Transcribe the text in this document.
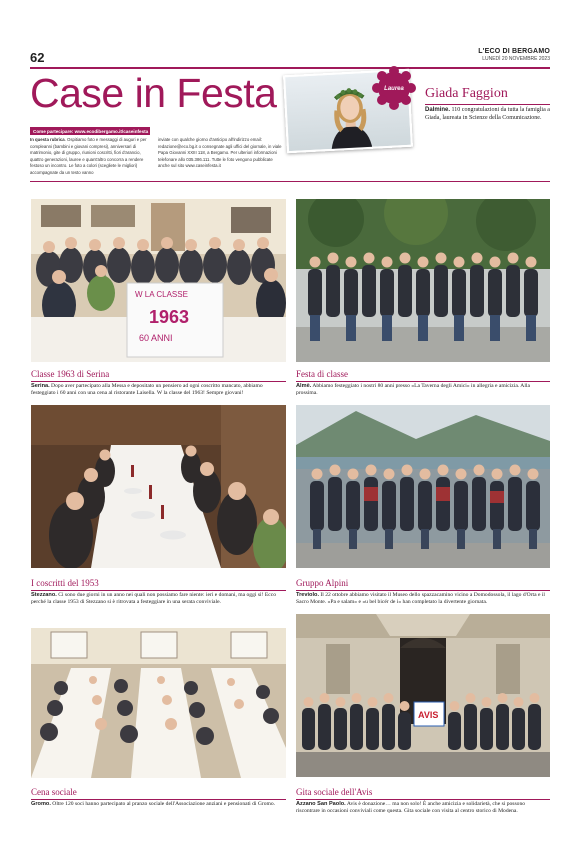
62	L'ECO DI BERGAMO
LUNEDÌ 20 NOVEMBRE 2023
Case in Festa
Come partecipare: www.ecodibergamo.it/caseinfesta
In questa rubrica. Ospitiamo foto e messaggi di auguri e per compleanni (bambini e giovani compresi), anniversari di matrimonio, gite di gruppo, riunioni coscritti, fiori d'arancio, quattro generazioni, lauree e quant'altro concorra a rendere festoso un incontro. Le foto a colori (scegliete le migliori) accompagnate da un testo vanno
inviate con qualche giorno d'anticipo all'indirizzo email: redazione@eco.bg.it o consegnate agli uffici del giornale, in viale Papa Giovanni XXIII 118, a Bergamo. Per ulteriori informazioni telefonare allo 035.386.111. Tutte le foto vengono pubblicate anche sul sito www.caseinfesta.it
Laurea	Giada Faggion
Dalmine. 110 congratulazioni da tutta la famiglia a Giada, laureata in Scienze della Comunicazione.
W LA CLASSE
1963
60 ANNI
Classe 1963 di Serina
Serina. Dopo aver partecipato alla Messa e depositato un pensiero ad ogni coscritto mancato, abbiamo festeggiato i 60 anni con una cena al ristorante Laisella. W la classe del 1963! Sempre giovani!
Festa di classe
Almè. Abbiamo festeggiato i nostri 80 anni presso «La Taverna degli Amici» in allegria e amicizia. Alla prossima.
I coscritti del 1953
Stezzano. Ci sono due giorni in un anno nei quali non possiamo fare niente: ieri e domani, ma oggi sì! Ecco perché la classe 1953 di Stezzano si è ritrovata a festeggiare in una serata conviviale.
Gruppo Alpini
Treviolo. Il 22 ottobre abbiamo visitato il Museo dello spazzacamino vicino a Domodossola, il lago d'Orta e il Sacro Monte. «Pa e salam» e «u bel bicér de i» han completato la divertente giornata.
Cena sociale
Gromo. Oltre 120 soci hanno partecipato al pranzo sociale dell'Associazione anziani e pensionati di Gromo.
AVIS
Gita sociale dell'Avis
Azzano San Paolo. Avis è donazione… ma non solo! È anche amicizia e solidarietà, che si possono riscontrare in occasioni conviviali come questa. Gita sociale con visita al centro storico di Modena.
